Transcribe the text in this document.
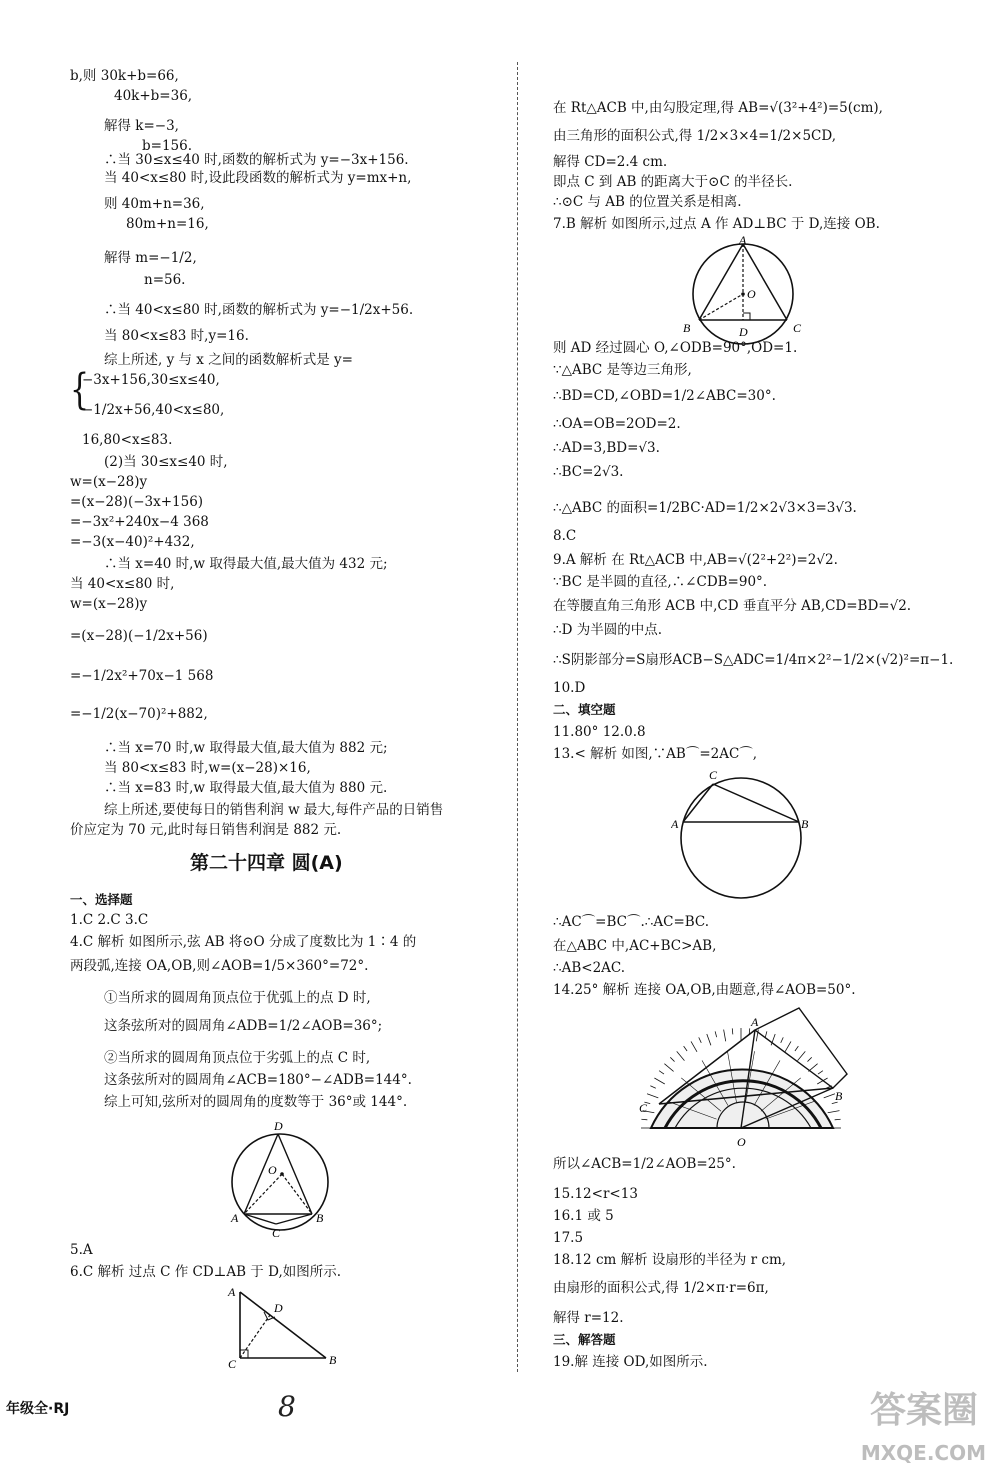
b,则 30k+b=66,
40k+b=36,
解得 k=−3,
b=156.
∴当 30≤x≤40 时,函数的解析式为 y=−3x+156.
当 40<x≤80 时,设此段函数的解析式为 y=mx+n,
则 40m+n=36,
80m+n=16,
解得 m=−1/2,
n=56.
∴当 40<x≤80 时,函数的解析式为 y=−1/2x+56.
当 80<x≤83 时,y=16.
综上所述, y 与 x 之间的函数解析式是 y=
{
−3x+156,30≤x≤40,
−1/2x+56,40<x≤80,
16,80<x≤83.
(2)当 30≤x≤40 时,
w=(x−28)y
=(x−28)(−3x+156)
=−3x²+240x−4 368
=−3(x−40)²+432,
∴当 x=40 时,w 取得最大值,最大值为 432 元;
当 40<x≤80 时,
w=(x−28)y
=(x−28)(−1/2x+56)
=−1/2x²+70x−1 568
=−1/2(x−70)²+882,
∴当 x=70 时,w 取得最大值,最大值为 882 元;
当 80<x≤83 时,w=(x−28)×16,
∴当 x=83 时,w 取得最大值,最大值为 880 元.
综上所述,要使每日的销售利润 w 最大,每件产品的日销售
价应定为 70 元,此时每日销售利润是 882 元.
第二十四章 圆(A)
一、选择题
1.C 2.C 3.C
4.C 解析 如图所示,弦 AB 将⊙O 分成了度数比为 1∶4 的
两段弧,连接 OA,OB,则∠AOB=1/5×360°=72°.
①当所求的圆周角顶点位于优弧上的点 D 时,
这条弦所对的圆周角∠ADB=1/2∠AOB=36°;
②当所求的圆周角顶点位于劣弧上的点 C 时,
这条弦所对的圆周角∠ACB=180°−∠ADB=144°.
综上可知,弦所对的圆周角的度数等于 36°或 144°.
D
O
A	B
C
5.A
6.C 解析 过点 C 作 CD⊥AB 于 D,如图所示.
A
D
C	B
在 Rt△ACB 中,由勾股定理,得 AB=√(3²+4²)=5(cm),
由三角形的面积公式,得 1/2×3×4=1/2×5CD,
解得 CD=2.4 cm.
即点 C 到 AB 的距离大于⊙C 的半径长.
∴⊙C 与 AB 的位置关系是相离.
7.B 解析 如图所示,过点 A 作 AD⊥BC 于 D,连接 OB.
A
O
B	D	C
则 AD 经过圆心 O,∠ODB=90°,OD=1.
∵△ABC 是等边三角形,
∴BD=CD,∠OBD=1/2∠ABC=30°.
∴OA=OB=2OD=2.
∴AD=3,BD=√3.
∴BC=2√3.
∴△ABC 的面积=1/2BC·AD=1/2×2√3×3=3√3.
8.C
9.A 解析 在 Rt△ACB 中,AB=√(2²+2²)=2√2.
∵BC 是半圆的直径,∴∠CDB=90°.
在等腰直角三角形 ACB 中,CD 垂直平分 AB,CD=BD=√2.
∴D 为半圆的中点.
∴S阴影部分=S扇形ACB−S△ADC=1/4π×2²−1/2×(√2)²=π−1.
10.D
二、填空题
11.80° 12.0.8
13.< 解析 如图,∵AB⌒=2AC⌒,
C
A	B
∴AC⌒=BC⌒.∴AC=BC.
在△ABC 中,AC+BC>AB,
∴AB<2AC.
14.25° 解析 连接 OA,OB,由题意,得∠AOB=50°.
A
B
C
O
所以∠ACB=1/2∠AOB=25°.
15.12<r<13
16.1 或 5
17.5
18.12 cm 解析 设扇形的半径为 r cm,
由扇形的面积公式,得 1/2×π·r=6π,
解得 r=12.
三、解答题
19.解 连接 OD,如图所示.
年级全·RJ	8	答案圈
MXQE.COM
